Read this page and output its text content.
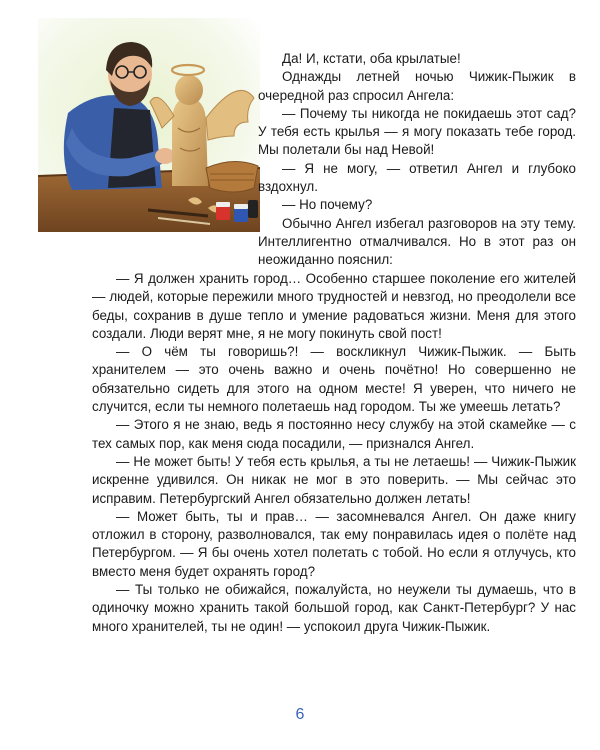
Да! И, кстати, оба крылатые!

Однажды летней ночью Чижик-Пыжик в очередной раз спросил Ангела:

— Почему ты никогда не покидаешь этот сад? У тебя есть крылья — я могу показать тебе город. Мы полетали бы над Невой!

— Я не могу, — ответил Ангел и глубоко вздохнул.

— Но почему?

Обычно Ангел избегал разговоров на эту тему. Интеллигентно отмалчивался. Но в этот раз он неожиданно пояснил:

— Я должен хранить город… Особенно старшее поколение его жителей — людей, которые пережили много трудностей и невзгод, но преодолели все беды, сохранив в душе тепло и умение радоваться жизни. Меня для этого создали. Люди верят мне, я не могу покинуть свой пост!

— О чём ты говоришь?! — воскликнул Чижик-Пыжик. — Быть хранителем — это очень важно и очень почётно! Но совершенно не обязательно сидеть для этого на одном месте! Я уверен, что ничего не случится, если ты немного полетаешь над городом. Ты же умеешь летать?

— Этого я не знаю, ведь я постоянно несу службу на этой скамейке — с тех самых пор, как меня сюда посадили, — признался Ангел.

— Не может быть! У тебя есть крылья, а ты не летаешь! — Чижик-Пыжик искренне удивился. Он никак не мог в это поверить. — Мы сейчас это исправим. Петербургский Ангел обязательно должен летать!

— Может быть, ты и прав… — засомневался Ангел. Он даже книгу отложил в сторону, разволновался, так ему понравилась идея о полёте над Петербургом. — Я бы очень хотел полетать с тобой. Но если я отлучусь, кто вместо меня будет охранять город?

— Ты только не обижайся, пожалуйста, но неужели ты думаешь, что в одиночку можно хранить такой большой город, как Санкт-Петербург? У нас много хранителей, ты не один! — успокоил друга Чижик-Пыжик.

6
